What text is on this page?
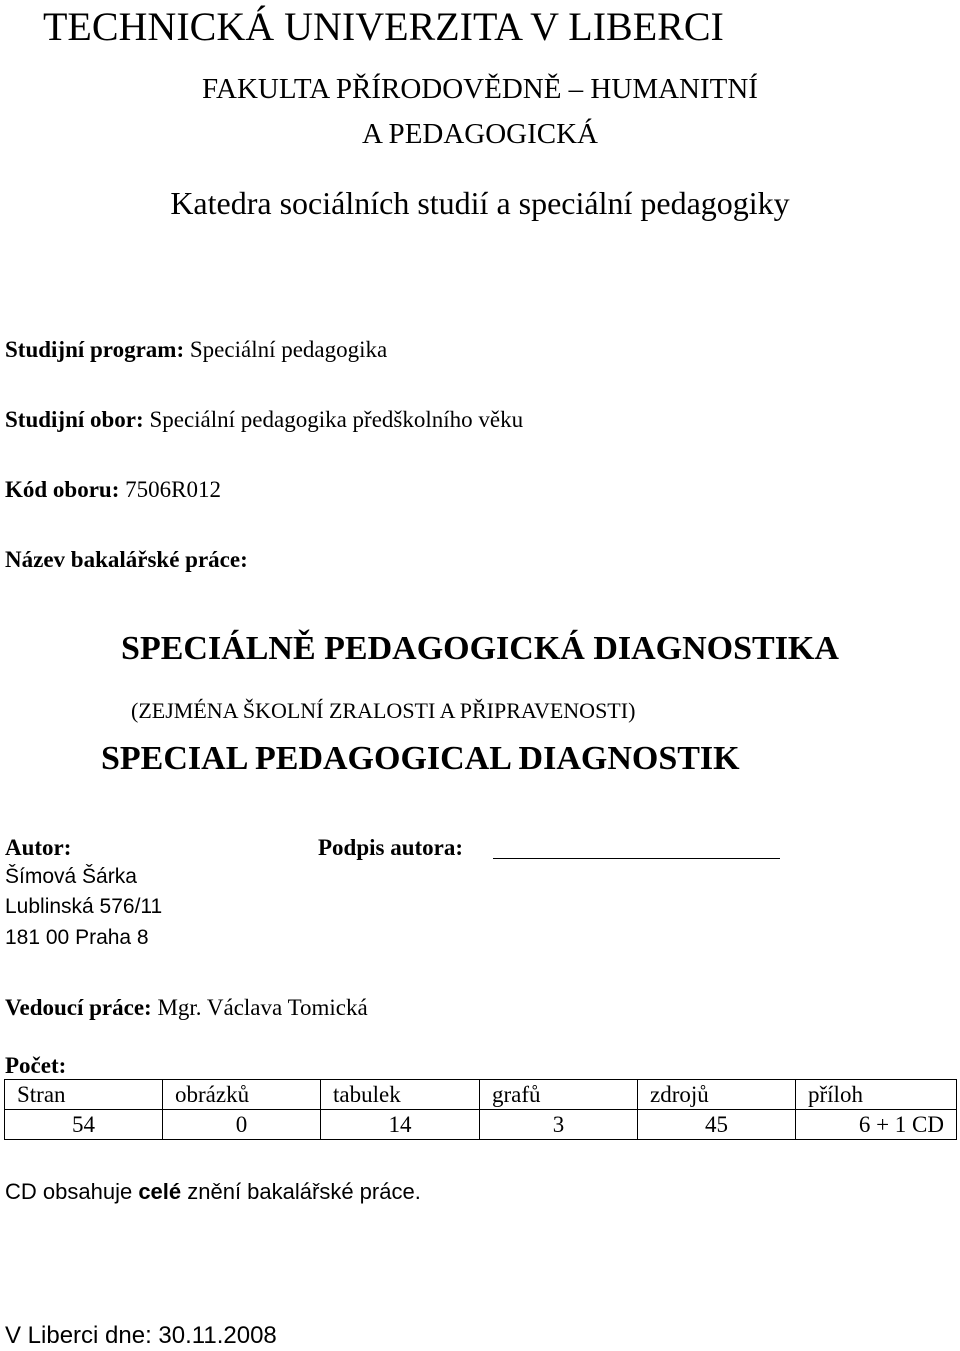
TECHNICKÁ UNIVERZITA V LIBERCI
FAKULTA PŘÍRODOVĚDNĚ – HUMANITNÍ
A PEDAGOGICKÁ
Katedra sociálních studií a speciální pedagogiky
Studijní program: Speciální pedagogika
Studijní obor: Speciální pedagogika předškolního věku
Kód oboru: 7506R012
Název bakalářské práce:
SPECIÁLNĚ PEDAGOGICKÁ DIAGNOSTIKA
(ZEJMÉNA ŠKOLNÍ ZRALOSTI A PŘIPRAVENOSTI)
SPECIAL PEDAGOGICAL DIAGNOSTIK
Autor:	Podpis autora:
Šímová Šárka
Lublinská 576/11
181 00 Praha 8
Vedoucí práce: Mgr. Václava Tomická
Počet:
Stran	obrázků	tabulek	grafů	zdrojů	příloh
54	0	14	3	45	6 + 1 CD
CD obsahuje celé znění bakalářské práce.
V Liberci dne: 30.11.2008
